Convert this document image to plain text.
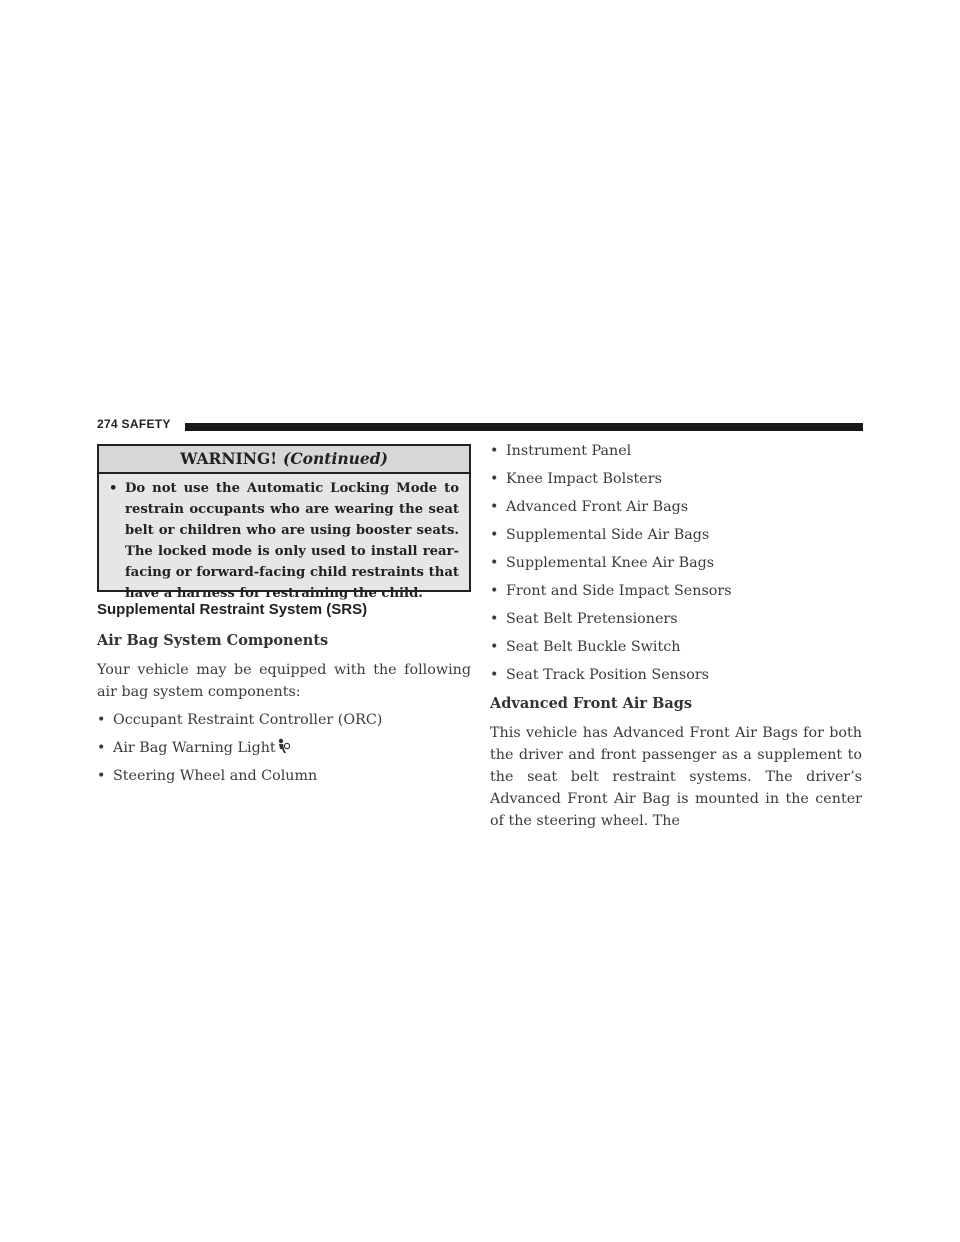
274 SAFETY
WARNING! (Continued)
• Do not use the Automatic Locking Mode to restrain occupants who are wearing the seat belt or children who are using booster seats. The locked mode is only used to install rear-facing or forward-facing child restraints that have a harness for restraining the child.
Supplemental Restraint System (SRS)
Air Bag System Components

Your vehicle may be equipped with the following air bag system components:

• Occupant Restraint Controller (ORC)
• Air Bag Warning Light
• Steering Wheel and Column
• Instrument Panel
• Knee Impact Bolsters
• Advanced Front Air Bags
• Supplemental Side Air Bags
• Supplemental Knee Air Bags
• Front and Side Impact Sensors
• Seat Belt Pretensioners
• Seat Belt Buckle Switch
• Seat Track Position Sensors
Advanced Front Air Bags

This vehicle has Advanced Front Air Bags for both the driver and front passenger as a supplement to the seat belt restraint systems. The driver’s Advanced Front Air Bag is mounted in the center of the steering wheel. The
